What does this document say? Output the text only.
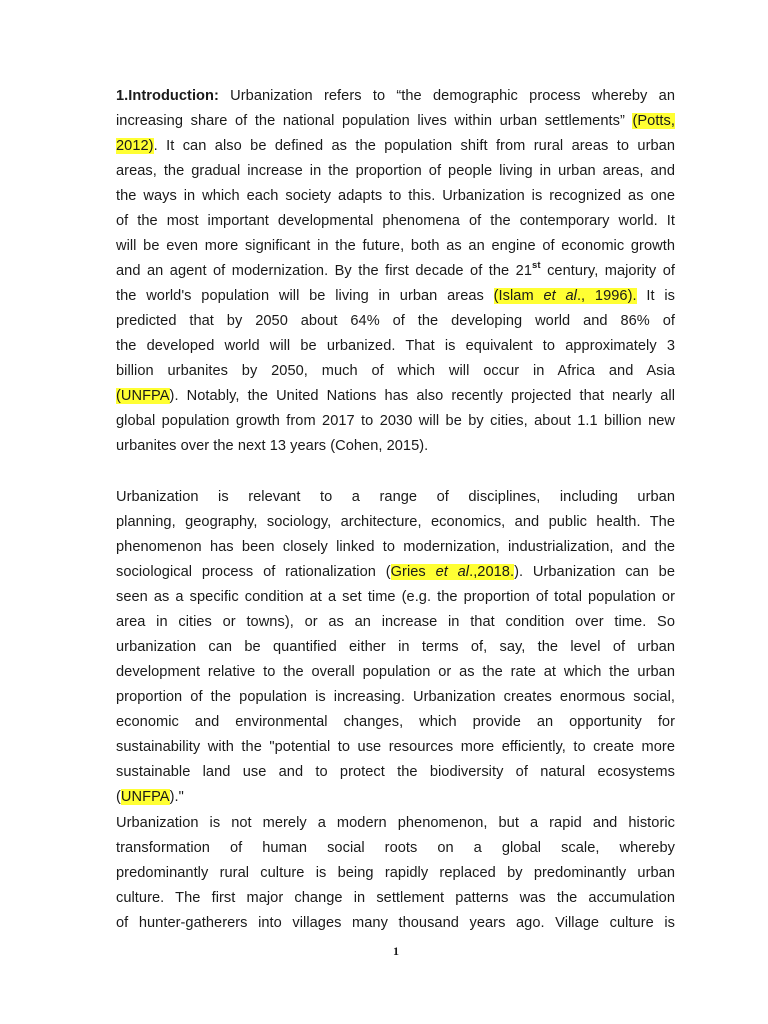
1.Introduction: Urbanization refers to “the demographic process whereby an
increasing share of the national population lives within urban settlements” (Potts,
2012). It can also be defined as the population shift from rural areas to urban
areas, the gradual increase in the proportion of people living in urban areas, and
the ways in which each society adapts to this. Urbanization is recognized as one
of the most important developmental phenomena of the contemporary world. It
will be even more significant in the future, both as an engine of economic growth
and an agent of modernization. By the first decade of the 21st century, majority of
the world's population will be living in urban areas (Islam et al., 1996). It is
predicted that by 2050 about 64% of the developing world and 86% of
the developed world will be urbanized. That is equivalent to approximately 3
billion urbanites by 2050, much of which will occur in Africa and Asia
(UNFPA). Notably, the United Nations has also recently projected that nearly all
global population growth from 2017 to 2030 will be by cities, about 1.1 billion new
urbanites over the next 13 years (Cohen, 2015).
Urbanization is relevant to a range of disciplines, including urban
planning, geography, sociology, architecture, economics, and public health. The
phenomenon has been closely linked to modernization, industrialization, and the
sociological process of rationalization (Gries et al.,2018.). Urbanization can be
seen as a specific condition at a set time (e.g. the proportion of total population or
area in cities or towns), or as an increase in that condition over time. So
urbanization can be quantified either in terms of, say, the level of urban
development relative to the overall population or as the rate at which the urban
proportion of the population is increasing. Urbanization creates enormous social,
economic and environmental changes, which provide an opportunity for
sustainability with the "potential to use resources more efficiently, to create more
sustainable land use and to protect the biodiversity of natural ecosystems
(UNFPA)."
Urbanization is not merely a modern phenomenon, but a rapid and historic
transformation of human social roots on a global scale, whereby
predominantly rural culture is being rapidly replaced by predominantly urban
culture. The first major change in settlement patterns was the accumulation
of hunter-gatherers into villages many thousand years ago. Village culture is
1
